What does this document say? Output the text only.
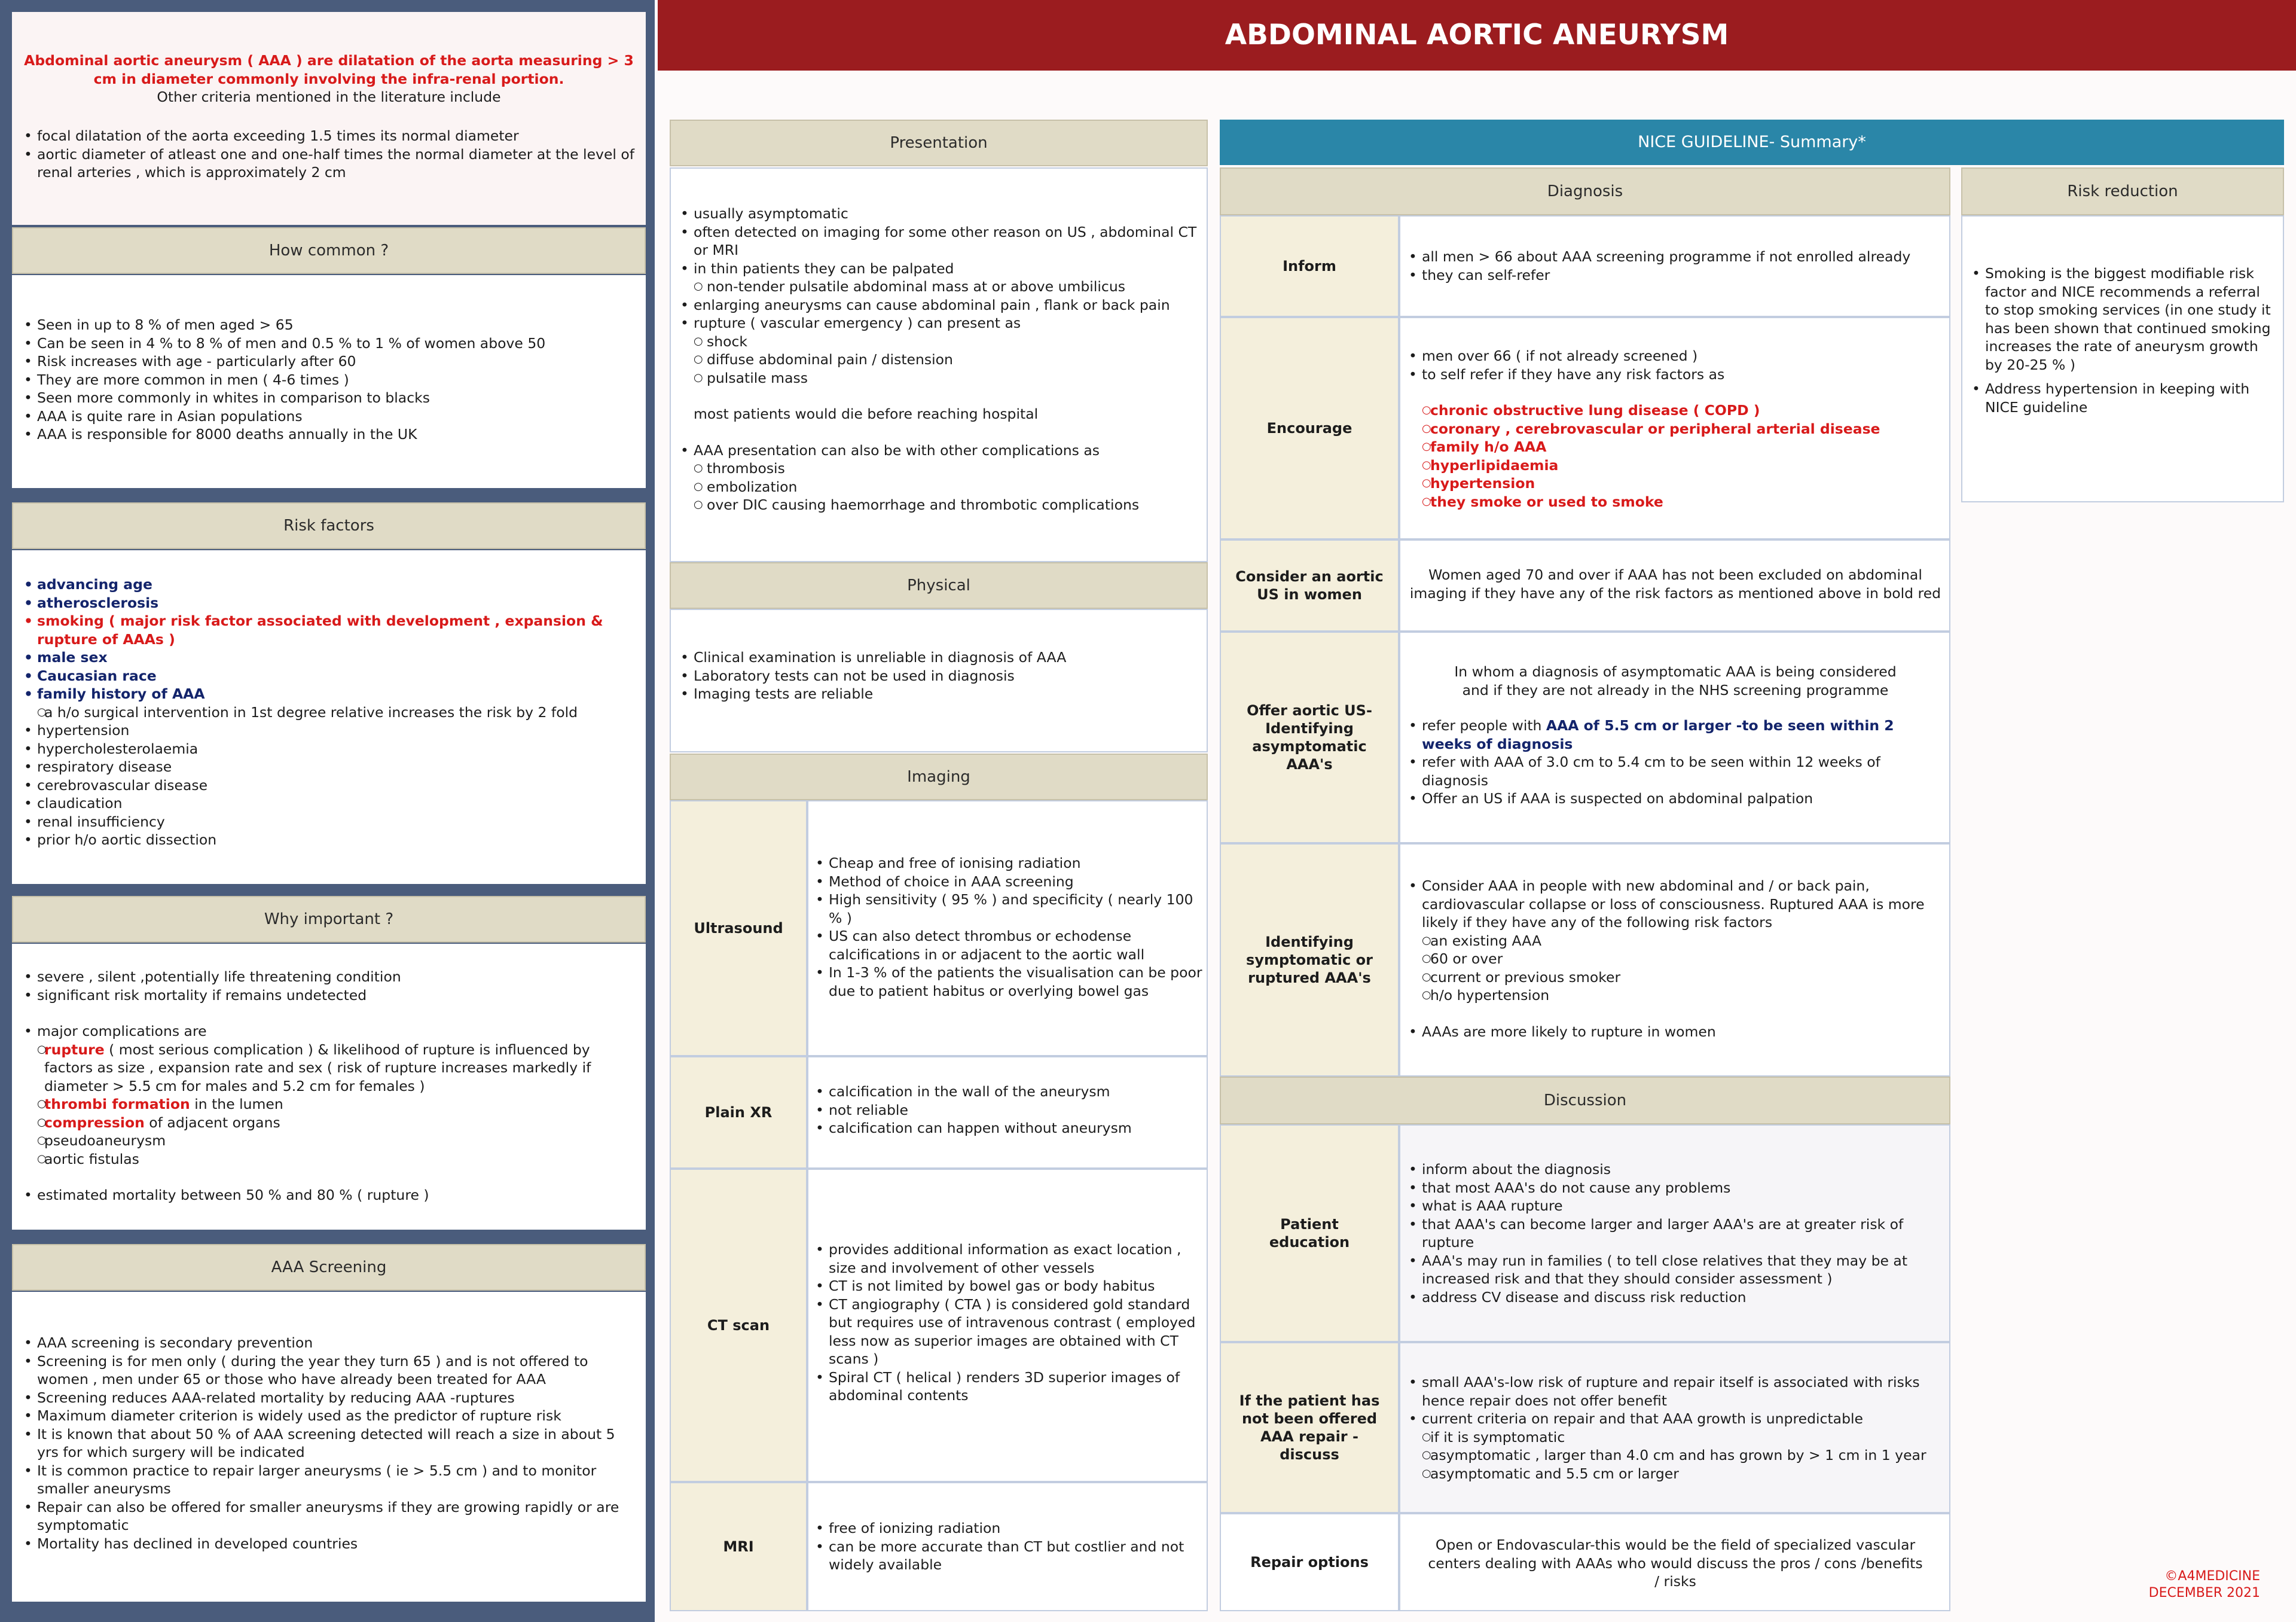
Abdominal aortic aneurysm ( AAA ) are dilatation of the aorta measuring > 3 cm in diameter commonly involving the infra-renal portion.
Other criteria mentioned in the literature include
• focal dilatation of the aorta exceeding 1.5 times its normal diameter
• aortic diameter of atleast one and one-half times the normal diameter at the level of renal arteries , which is approximately 2 cm
How common ?
• Seen in up to 8 % of men aged > 65
• Can be seen in 4 % to 8 % of men and 0.5 % to 1 % of women above 50
• Risk increases with age - particularly after 60
• They are more common in men ( 4-6 times )
• Seen more commonly in whites in comparison to blacks
• AAA is quite rare in Asian populations
• AAA is responsible for 8000 deaths annually in the UK
Risk factors
• advancing age
• atherosclerosis
• smoking ( major risk factor associated with development , expansion & rupture of AAAs )
• male sex
• Caucasian race
• family history of AAA
○ a h/o surgical intervention in 1st degree relative increases the risk by 2 fold
• hypertension
• hypercholesterolaemia
• respiratory disease
• cerebrovascular disease
• claudication
• renal insufficiency
• prior h/o aortic dissection
Why important ?
• severe , silent ,potentially life threatening condition
• significant risk mortality if remains undetected
• major complications are
○ rupture ( most serious complication ) & likelihood of rupture is influenced by factors as size , expansion rate and sex ( risk of rupture increases markedly if diameter > 5.5 cm for males and 5.2 cm for females )
○ thrombi formation in the lumen
○ compression of adjacent organs
○ pseudoaneurysm
○ aortic fistulas
• estimated mortality between 50 % and 80 % ( rupture )
AAA Screening
• AAA screening is secondary prevention
• Screening is for men only ( during the year they turn 65 ) and is not offered to women , men under 65 or those who have already been treated for AAA
• Screening reduces AAA-related mortality by reducing AAA -ruptures
• Maximum diameter criterion is widely used as the predictor of rupture risk
• It is known that about 50 % of AAA screening detected will reach a size in about 5 yrs for which surgery will be indicated
• It is common practice to repair larger aneurysms ( ie > 5.5 cm ) and to monitor smaller aneurysms
• Repair can also be offered for smaller aneurysms if they are growing rapidly or are symptomatic
• Mortality has declined in developed countries
ABDOMINAL AORTIC ANEURYSM
Presentation
• usually asymptomatic
• often detected on imaging for some other reason on US , abdominal CT or MRI
• in thin patients they can be palpated
○ non-tender pulsatile abdominal mass at or above umbilicus
• enlarging aneurysms can cause abdominal pain , flank or back pain
• rupture ( vascular emergency ) can present as
○ shock
○ diffuse abdominal pain / distension
○ pulsatile mass
most patients would die before reaching hospital
• AAA presentation can also be with other complications as
○ thrombosis
○ embolization
○ over DIC causing haemorrhage and thrombotic complications
Physical
• Clinical examination is unreliable in diagnosis of AAA
• Laboratory tests can not be used in diagnosis
• Imaging tests are reliable
Imaging
Ultrasound
• Cheap and free of ionising radiation
• Method of choice in AAA screening
• High sensitivity ( 95 % ) and specificity ( nearly 100 % )
• US can also detect thrombus or echodense calcifications in or adjacent to the aortic wall
• In 1-3 % of the patients the visualisation can be poor due to patient habitus or overlying bowel gas
Plain XR
• calcification in the wall of the aneurysm
• not reliable
• calcification can happen without aneurysm
CT scan
• provides additional information as exact location , size and involvement of other vessels
• CT is not limited by bowel gas or body habitus
• CT angiography ( CTA ) is considered gold standard but requires use of intravenous contrast ( employed less now as superior images are obtained with CT scans )
• Spiral CT ( helical ) renders 3D superior images of abdominal contents
MRI
• free of ionizing radiation
• can be more accurate than CT but costlier and not widely available
NICE GUIDELINE- Summary*
Diagnosis	Risk reduction
Inform
• all men > 66 about AAA screening programme if not enrolled already
• they can self-refer
Encourage
• men over 66 ( if not already screened )
• to self refer if they have any risk factors as
○ chronic obstructive lung disease ( COPD )
○ coronary , cerebrovascular or peripheral arterial disease
○ family h/o AAA
○ hyperlipidaemia
○ hypertension
○ they smoke or used to smoke
Consider an aortic US in women
Women aged 70 and over if AAA has not been excluded on abdominal imaging if they have any of the risk factors as mentioned above in bold red
Offer aortic US- Identifying asymptomatic AAA's
In whom a diagnosis of asymptomatic AAA is being considered and if they are not already in the NHS screening programme
• refer people with AAA of 5.5 cm or larger -to be seen within 2 weeks of diagnosis
• refer with AAA of 3.0 cm to 5.4 cm to be seen within 12 weeks of diagnosis
• Offer an US if AAA is suspected on abdominal palpation
Identifying symptomatic or ruptured AAA's
• Consider AAA in people with new abdominal and / or back pain, cardiovascular collapse or loss of consciousness. Ruptured AAA is more likely if they have any of the following risk factors
○ an existing AAA
○ 60 or over
○ current or previous smoker
○ h/o hypertension
• AAAs are more likely to rupture in women
Discussion
Patient education
• inform about the diagnosis
• that most AAA's do not cause any problems
• what is AAA rupture
• that AAA's can become larger and larger AAA's are at greater risk of rupture
• AAA's may run in families ( to tell close relatives that they may be at increased risk and that they should consider assessment )
• address CV disease and discuss risk reduction
If the patient has not been offered AAA repair - discuss
• small AAA's-low risk of rupture and repair itself is associated with risks hence repair does not offer benefit
• current criteria on repair and that AAA growth is unpredictable
○ if it is symptomatic
○ asymptomatic , larger than 4.0 cm and has grown by > 1 cm in 1 year
○ asymptomatic and 5.5 cm or larger
Repair options
Open or Endovascular-this would be the field of specialized vascular centers dealing with AAAs who would discuss the pros / cons /benefits / risks
• Smoking is the biggest modifiable risk factor and NICE recommends a referral to stop smoking services (in one study it has been shown that continued smoking increases the rate of aneurysm growth by 20-25 % )
• Address hypertension in keeping with NICE guideline
©A4MEDICINE
DECEMBER 2021
